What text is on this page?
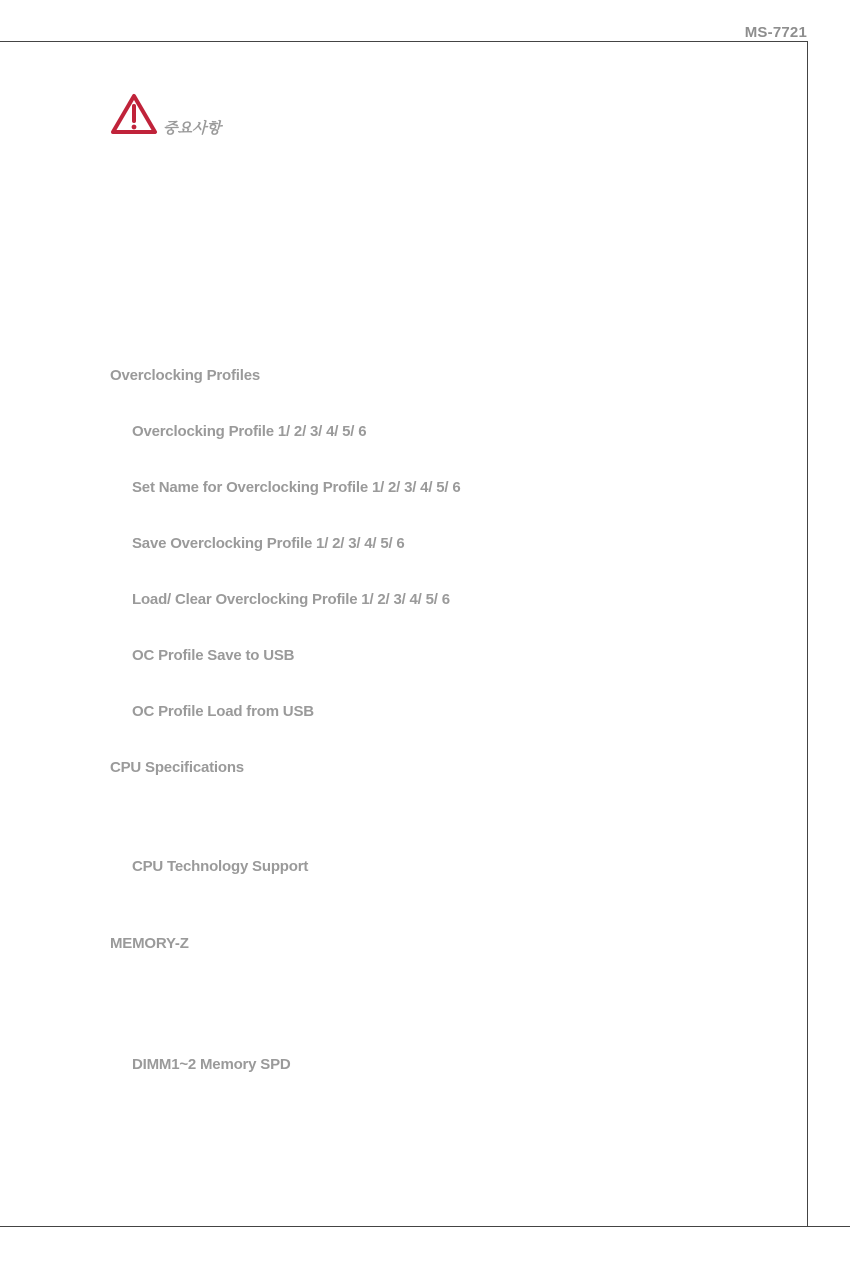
MS-7721
중요사항
Overclocking Profiles
Overclocking Profile 1/ 2/ 3/ 4/ 5/ 6
Set Name for Overclocking Profile 1/ 2/ 3/ 4/ 5/ 6
Save Overclocking Profile 1/ 2/ 3/ 4/ 5/ 6
Load/ Clear Overclocking Profile 1/ 2/ 3/ 4/ 5/ 6
OC Profile Save to USB
OC Profile Load from USB
CPU Specifications
CPU Technology Support
MEMORY-Z
DIMM1~2 Memory SPD
